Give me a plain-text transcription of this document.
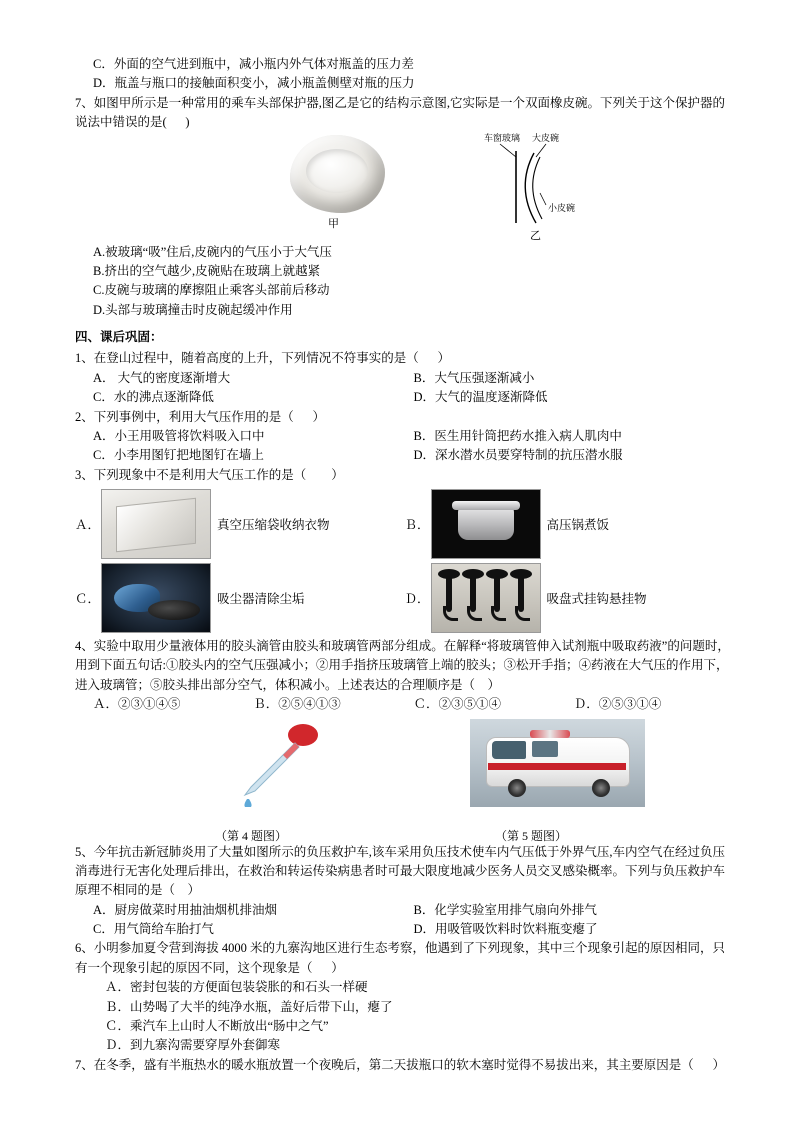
C．外面的空气进到瓶中，减小瓶内外气体对瓶盖的压力差
D．瓶盖与瓶口的接触面积变小，减小瓶盖侧壁对瓶的压力
7、如图甲所示是一种常用的乘车头部保护器,图乙是它的结构示意图,它实际是一个双面橡皮碗。下列关于这个保护器的说法中错误的是(      )
甲
车窗玻璃 大皮碗
小皮碗
乙
A.被玻璃“吸”住后,皮碗内的气压小于大气压
B.挤出的空气越少,皮碗贴在玻璃上就越紧
C.皮碗与玻璃的摩擦阻止乘客头部前后移动
D.头部与玻璃撞击时皮碗起缓冲作用
四、课后巩固：
1、在登山过程中，随着高度的上升，下列情况不符事实的是（      ）
A． 大气的密度逐渐增大	B．大气压强逐渐减小
C．水的沸点逐渐降低	D．大气的温度逐渐降低
2、下列事例中，利用大气压作用的是（      ）
A．小王用吸管将饮料吸入口中	B．医生用针筒把药水推入病人肌肉中
C．小李用图钉把地图钉在墙上	D．深水潜水员要穿特制的抗压潜水服
3、下列现象中不是利用大气压工作的是（        ）
Ａ．	真空压缩袋收纳衣物	Ｂ．	高压锅煮饭
Ｃ．	吸尘器清除尘垢	Ｄ．	吸盘式挂钩悬挂物
4、实验中取用少量液体用的胶头滴管由胶头和玻璃管两部分组成。在解释“将玻璃管伸入试剂瓶中吸取药液”的问题时，用到下面五句话:①胶头内的空气压强减小；②用手指挤压玻璃管上端的胶头；③松开手指；④药液在大气压的作用下，进入玻璃管；⑤胶头排出部分空气，体积减小。上述表达的合理顺序是（    ）
Ａ．②③①④⑤	Ｂ．②⑤④①③	Ｃ．②③⑤①④	Ｄ．②⑤③①④
（第 4 题图）	（第 5 题图）
5、今年抗击新冠肺炎用了大量如图所示的负压救护车,该车采用负压技术使车内气压低于外界气压,车内空气在经过负压消毒进行无害化处理后排出，在救治和转运传染病患者时可最大限度地减少医务人员交叉感染概率。下列与负压救护车原理不相同的是（    ）
A．厨房做菜时用抽油烟机排油烟	B．化学实验室用排气扇向外排气
C．用气筒给车胎打气	D．用吸管吸饮料时饮料瓶变瘪了
6、小明参加夏令营到海拔 4000 米的九寨沟地区进行生态考察，他遇到了下列现象，其中三个现象引起的原因相同，只有一个现象引起的原因不同，这个现象是（      ）
Ａ．密封包装的方便面包装袋胀的和石头一样硬
Ｂ．山势喝了大半的纯净水瓶，盖好后带下山，瘪了
Ｃ．乘汽车上山时人不断放出“肠中之气”
Ｄ．到九寨沟需要穿厚外套御寒
7、在冬季，盛有半瓶热水的暖水瓶放置一个夜晚后，第二天拔瓶口的软木塞时觉得不易拔出来，其主要原因是（      ）
